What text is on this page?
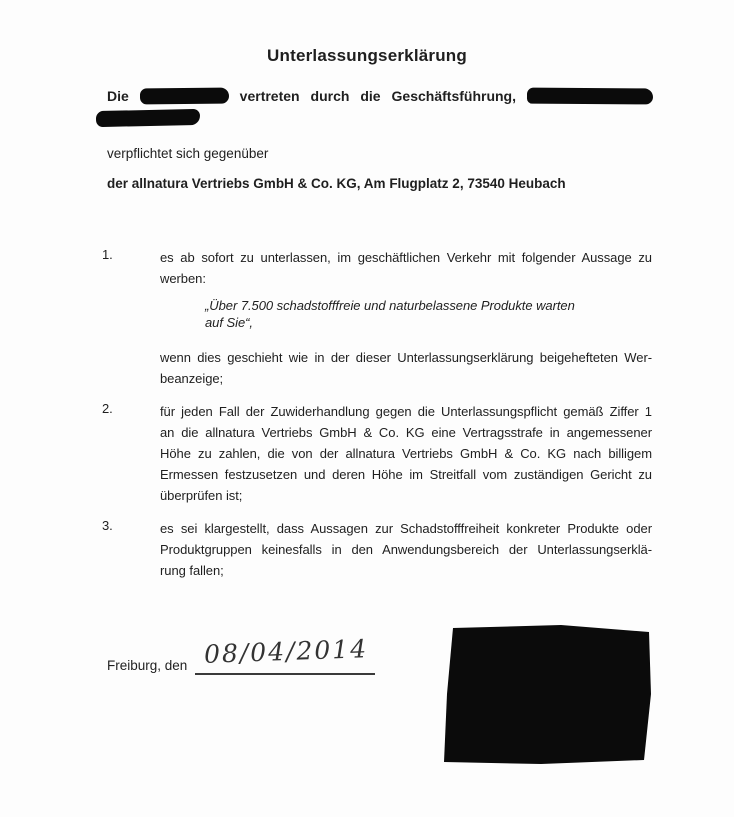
Unterlassungserklärung
Die	vertreten durch die Geschäftsführung,
verpflichtet sich gegenüber
der allnatura Vertriebs GmbH & Co. KG, Am Flugplatz 2, 73540 Heubach
1.	es ab sofort zu unterlassen, im geschäftlichen Verkehr mit folgender Aussage zu
werben:
„Über 7.500 schadstofffreie und naturbelassene Produkte warten
auf Sie“,
wenn dies geschieht wie in der dieser Unterlassungserklärung beigehefteten Wer-
beanzeige;
2.	für jeden Fall der Zuwiderhandlung gegen die Unterlassungspflicht gemäß Ziffer 1
an die allnatura Vertriebs GmbH & Co. KG eine Vertragsstrafe in angemessener
Höhe zu zahlen, die von der allnatura Vertriebs GmbH & Co. KG nach billigem
Ermessen festzusetzen und deren Höhe im Streitfall vom zuständigen Gericht zu
überprüfen ist;
3.	es sei klargestellt, dass Aussagen zur Schadstofffreiheit konkreter Produkte oder
Produktgruppen keinesfalls in den Anwendungsbereich der Unterlassungserklä-
rung fallen;
Freiburg, den 08/04/2014
